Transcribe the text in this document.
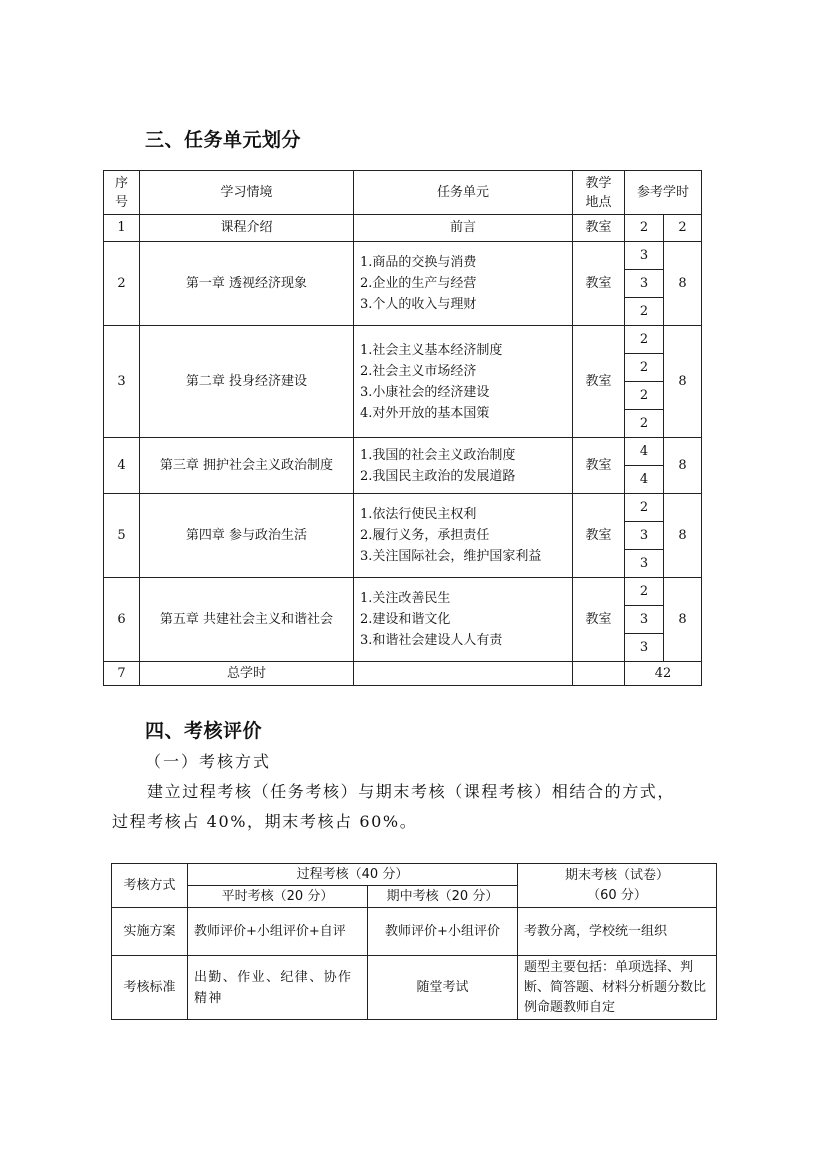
三、任务单元划分
序号	学习情境	任务单元	教学地点	参考学时	
1	课程介绍	前言	教室	2	2
2	第一章 透视经济现象	1.商品的交换与消费
2.企业的生产与经营
3.个人的收入与理财	教室	3	8
				3	
				2	
3	第二章 投身经济建设	1.社会主义基本经济制度
2.社会主义市场经济
3.小康社会的经济建设
4.对外开放的基本国策	教室	2	8
				2	
				2	
				2	
4	第三章 拥护社会主义政治制度	1.我国的社会主义政治制度
2.我国民主政治的发展道路	教室	4	8
				4	
5	第四章 参与政治生活	1.依法行使民主权利
2.履行义务，承担责任
3.关注国际社会，维护国家利益	教室	2	8
				3	
				3	
6	第五章 共建社会主义和谐社会	1.关注改善民生
2.建设和谐文化
3.和谐社会建设人人有责	教室	2	8
				3	
				3	
7	总学时			42	
四、考核评价

（一）考核方式

建立过程考核（任务考核）与期末考核（课程考核）相结合的方式，

过程考核占 40%，期末考核占 60%。

考核方式	过程考核（40 分）		期末考核（试卷）
（60 分）

	平时考核（20 分）	期中考核（20 分）	
实施方案	教师评价+小组评价+自评	教师评价+小组评价	考教分离，学校统一组织
考核标准	出勤、作业、纪律、协作精神	随堂考试	题型主要包括：单项选择、判断、简答题、材料分析题分数比例命题教师自定
